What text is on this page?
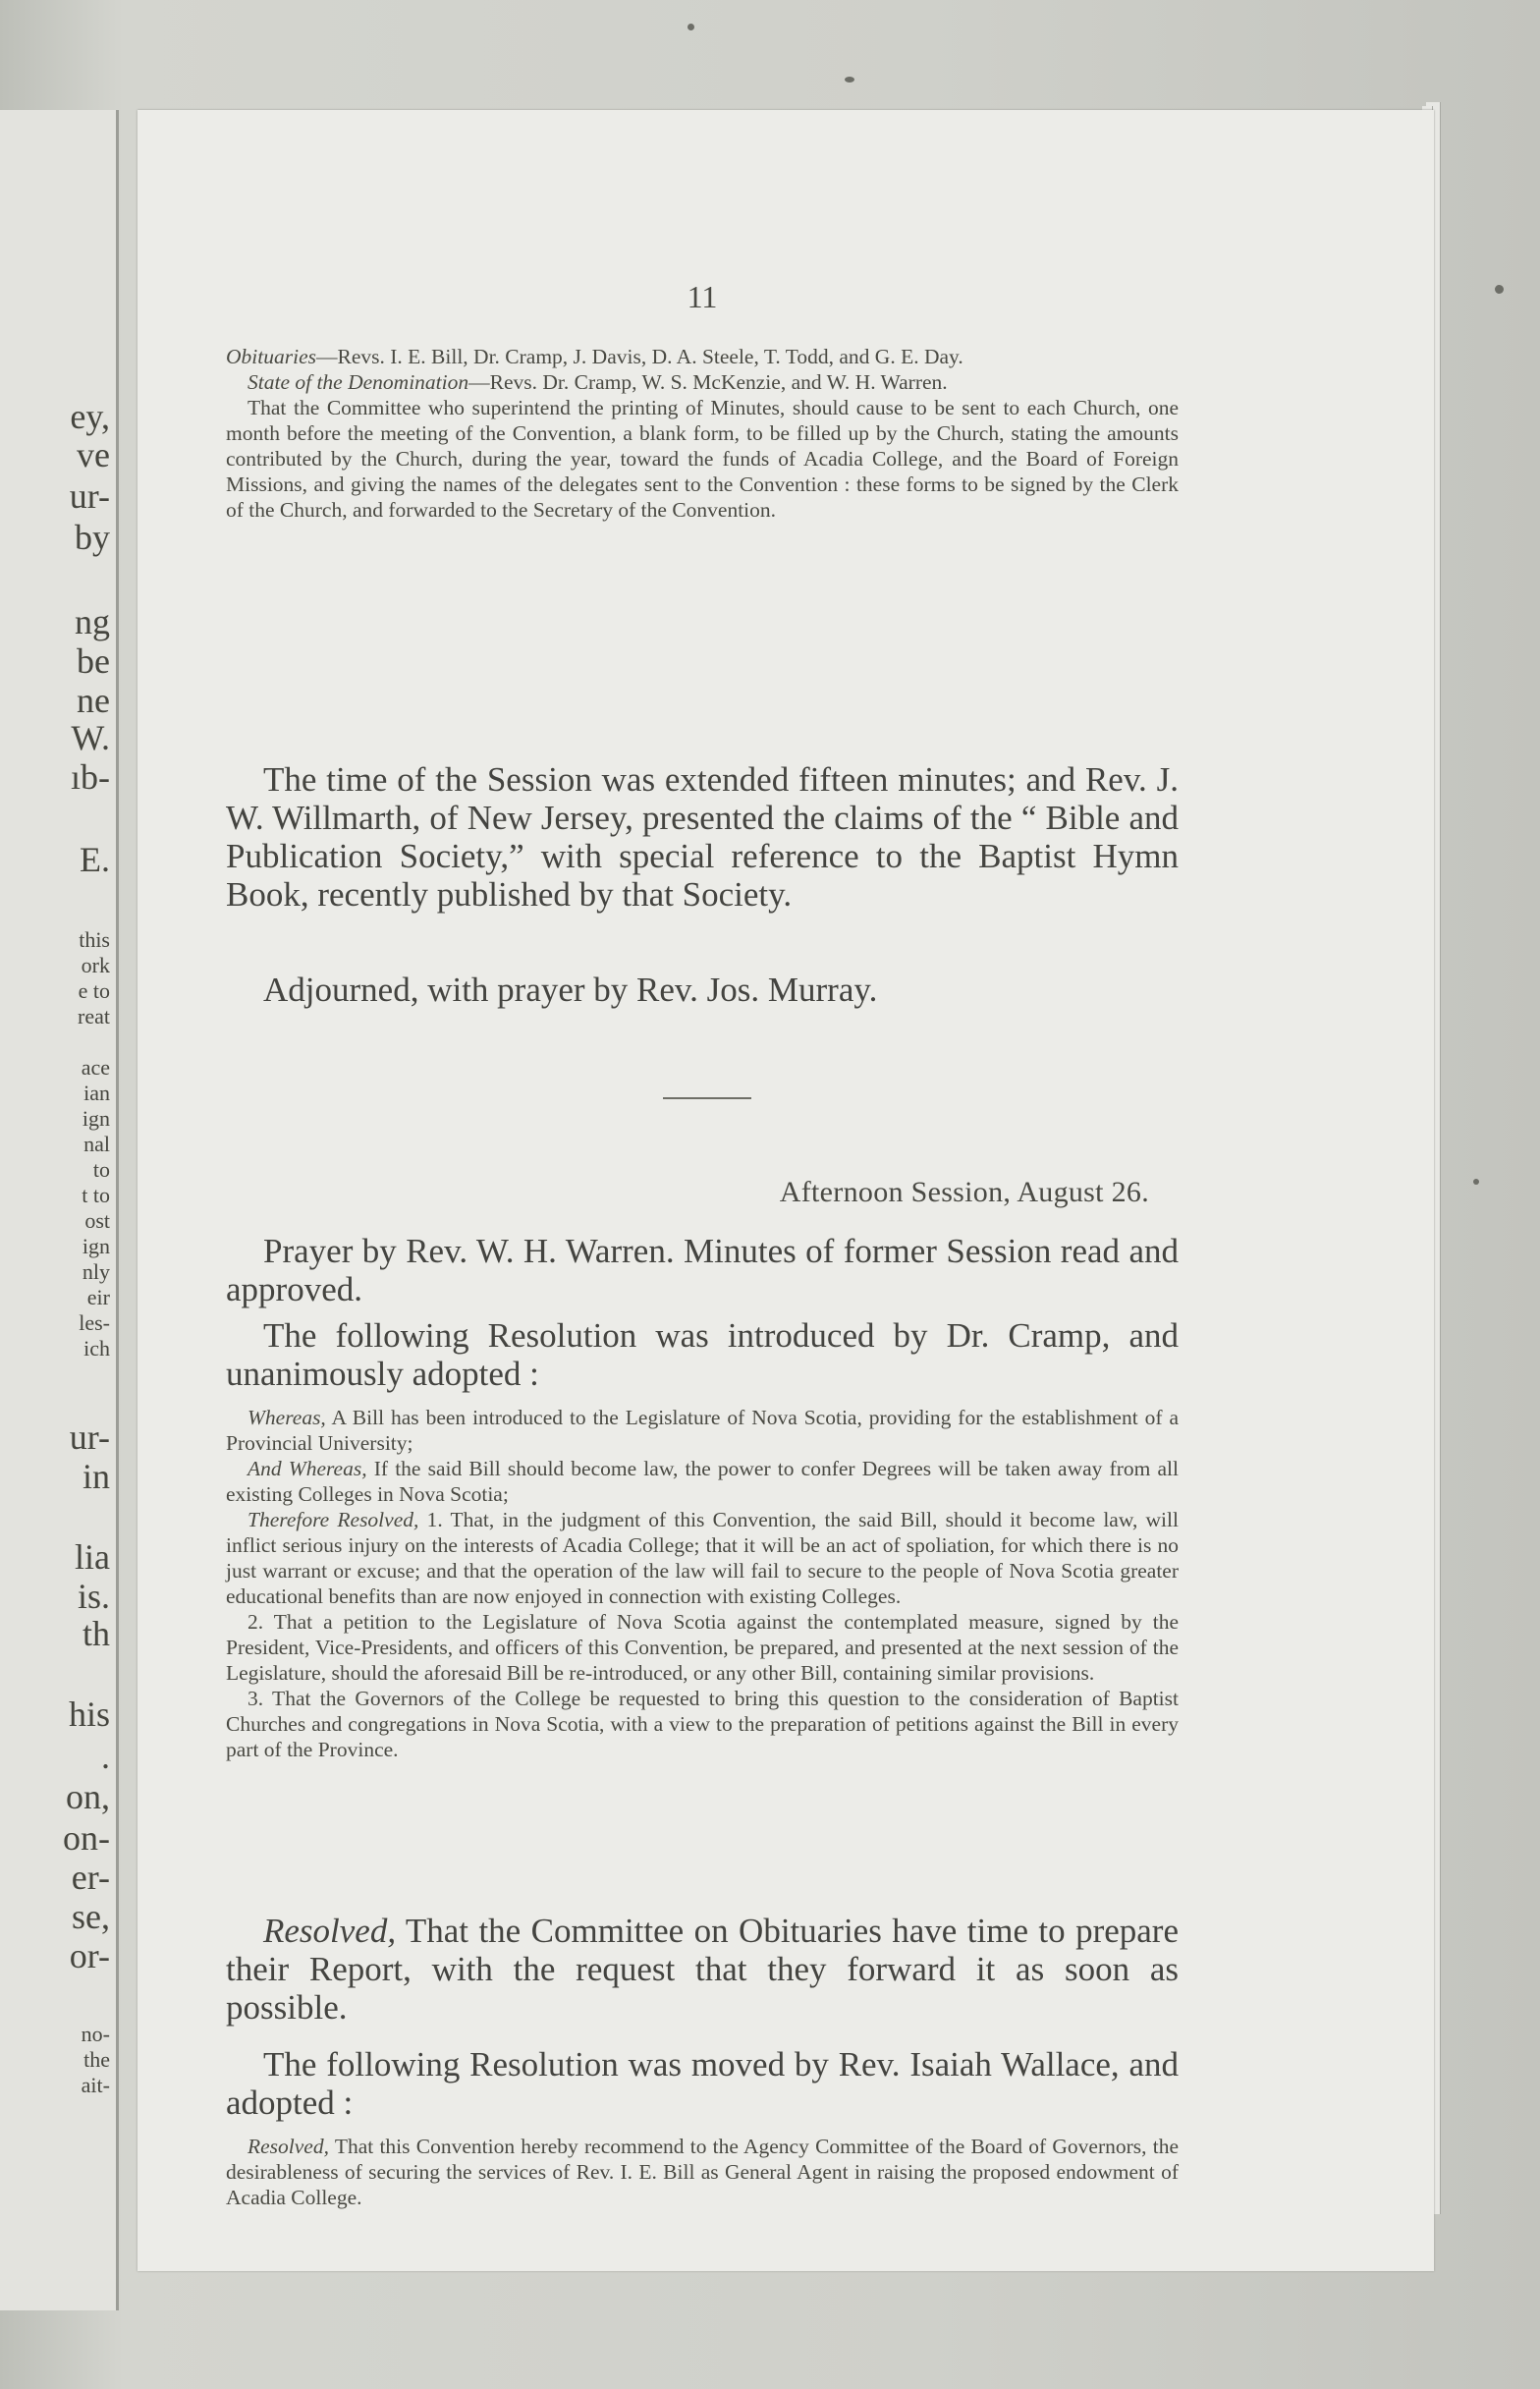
ey,
ve
ur-
by
ng
be
ne
W.
ıb-
E.
this
ork
e to
reat
ace
ian
ign
nal
to
t to
ost
ign
nly
eir
les-
ich
ur-
in
lia
is.
th
his
.
on,
on-
er-
se,
or-
no-
the
ait-
11

Obituaries—Revs. I. E. Bill, Dr. Cramp, J. Davis, D. A. Steele, T. Todd, and G. E. Day.

State of the Denomination—Revs. Dr. Cramp, W. S. McKenzie, and W. H. Warren.

That the Committee who superintend the printing of Minutes, should cause to be sent to each Church, one month before the meeting of the Convention, a blank form, to be filled up by the Church, stating the amounts contributed by the Church, during the year, toward the funds of Acadia College, and the Board of Foreign Missions, and giving the names of the delegates sent to the Convention : these forms to be signed by the Clerk of the Church, and forwarded to the Secretary of the Convention.

The time of the Session was extended fifteen minutes; and Rev. J. W. Willmarth, of New Jersey, presented the claims of the “ Bible and Publication Society,” with special reference to the Baptist Hymn Book, recently published by that Society.

Adjourned, with prayer by Rev. Jos. Murray.

Afternoon Session, August 26.

Prayer by Rev. W. H. Warren. Minutes of former Session read and approved.

The following Resolution was introduced by Dr. Cramp, and unanimously adopted :

Whereas, A Bill has been introduced to the Legislature of Nova Scotia, providing for the establishment of a Provincial University;

And Whereas, If the said Bill should become law, the power to confer Degrees will be taken away from all existing Colleges in Nova Scotia;

Therefore Resolved, 1. That, in the judgment of this Convention, the said Bill, should it become law, will inflict serious injury on the interests of Acadia College; that it will be an act of spoliation, for which there is no just warrant or excuse; and that the operation of the law will fail to secure to the people of Nova Scotia greater educational benefits than are now enjoyed in connection with existing Colleges.

2. That a petition to the Legislature of Nova Scotia against the contemplated measure, signed by the President, Vice-Presidents, and officers of this Convention, be prepared, and presented at the next session of the Legislature, should the aforesaid Bill be re-introduced, or any other Bill, containing similar provisions.

3. That the Governors of the College be requested to bring this question to the consideration of Baptist Churches and congregations in Nova Scotia, with a view to the preparation of petitions against the Bill in every part of the Province.

Resolved, That the Committee on Obituaries have time to prepare their Report, with the request that they forward it as soon as possible.

The following Resolution was moved by Rev. Isaiah Wallace, and adopted :

Resolved, That this Convention hereby recommend to the Agency Committee of the Board of Governors, the desirableness of securing the services of Rev. I. E. Bill as General Agent in raising the proposed endowment of Acadia College.
